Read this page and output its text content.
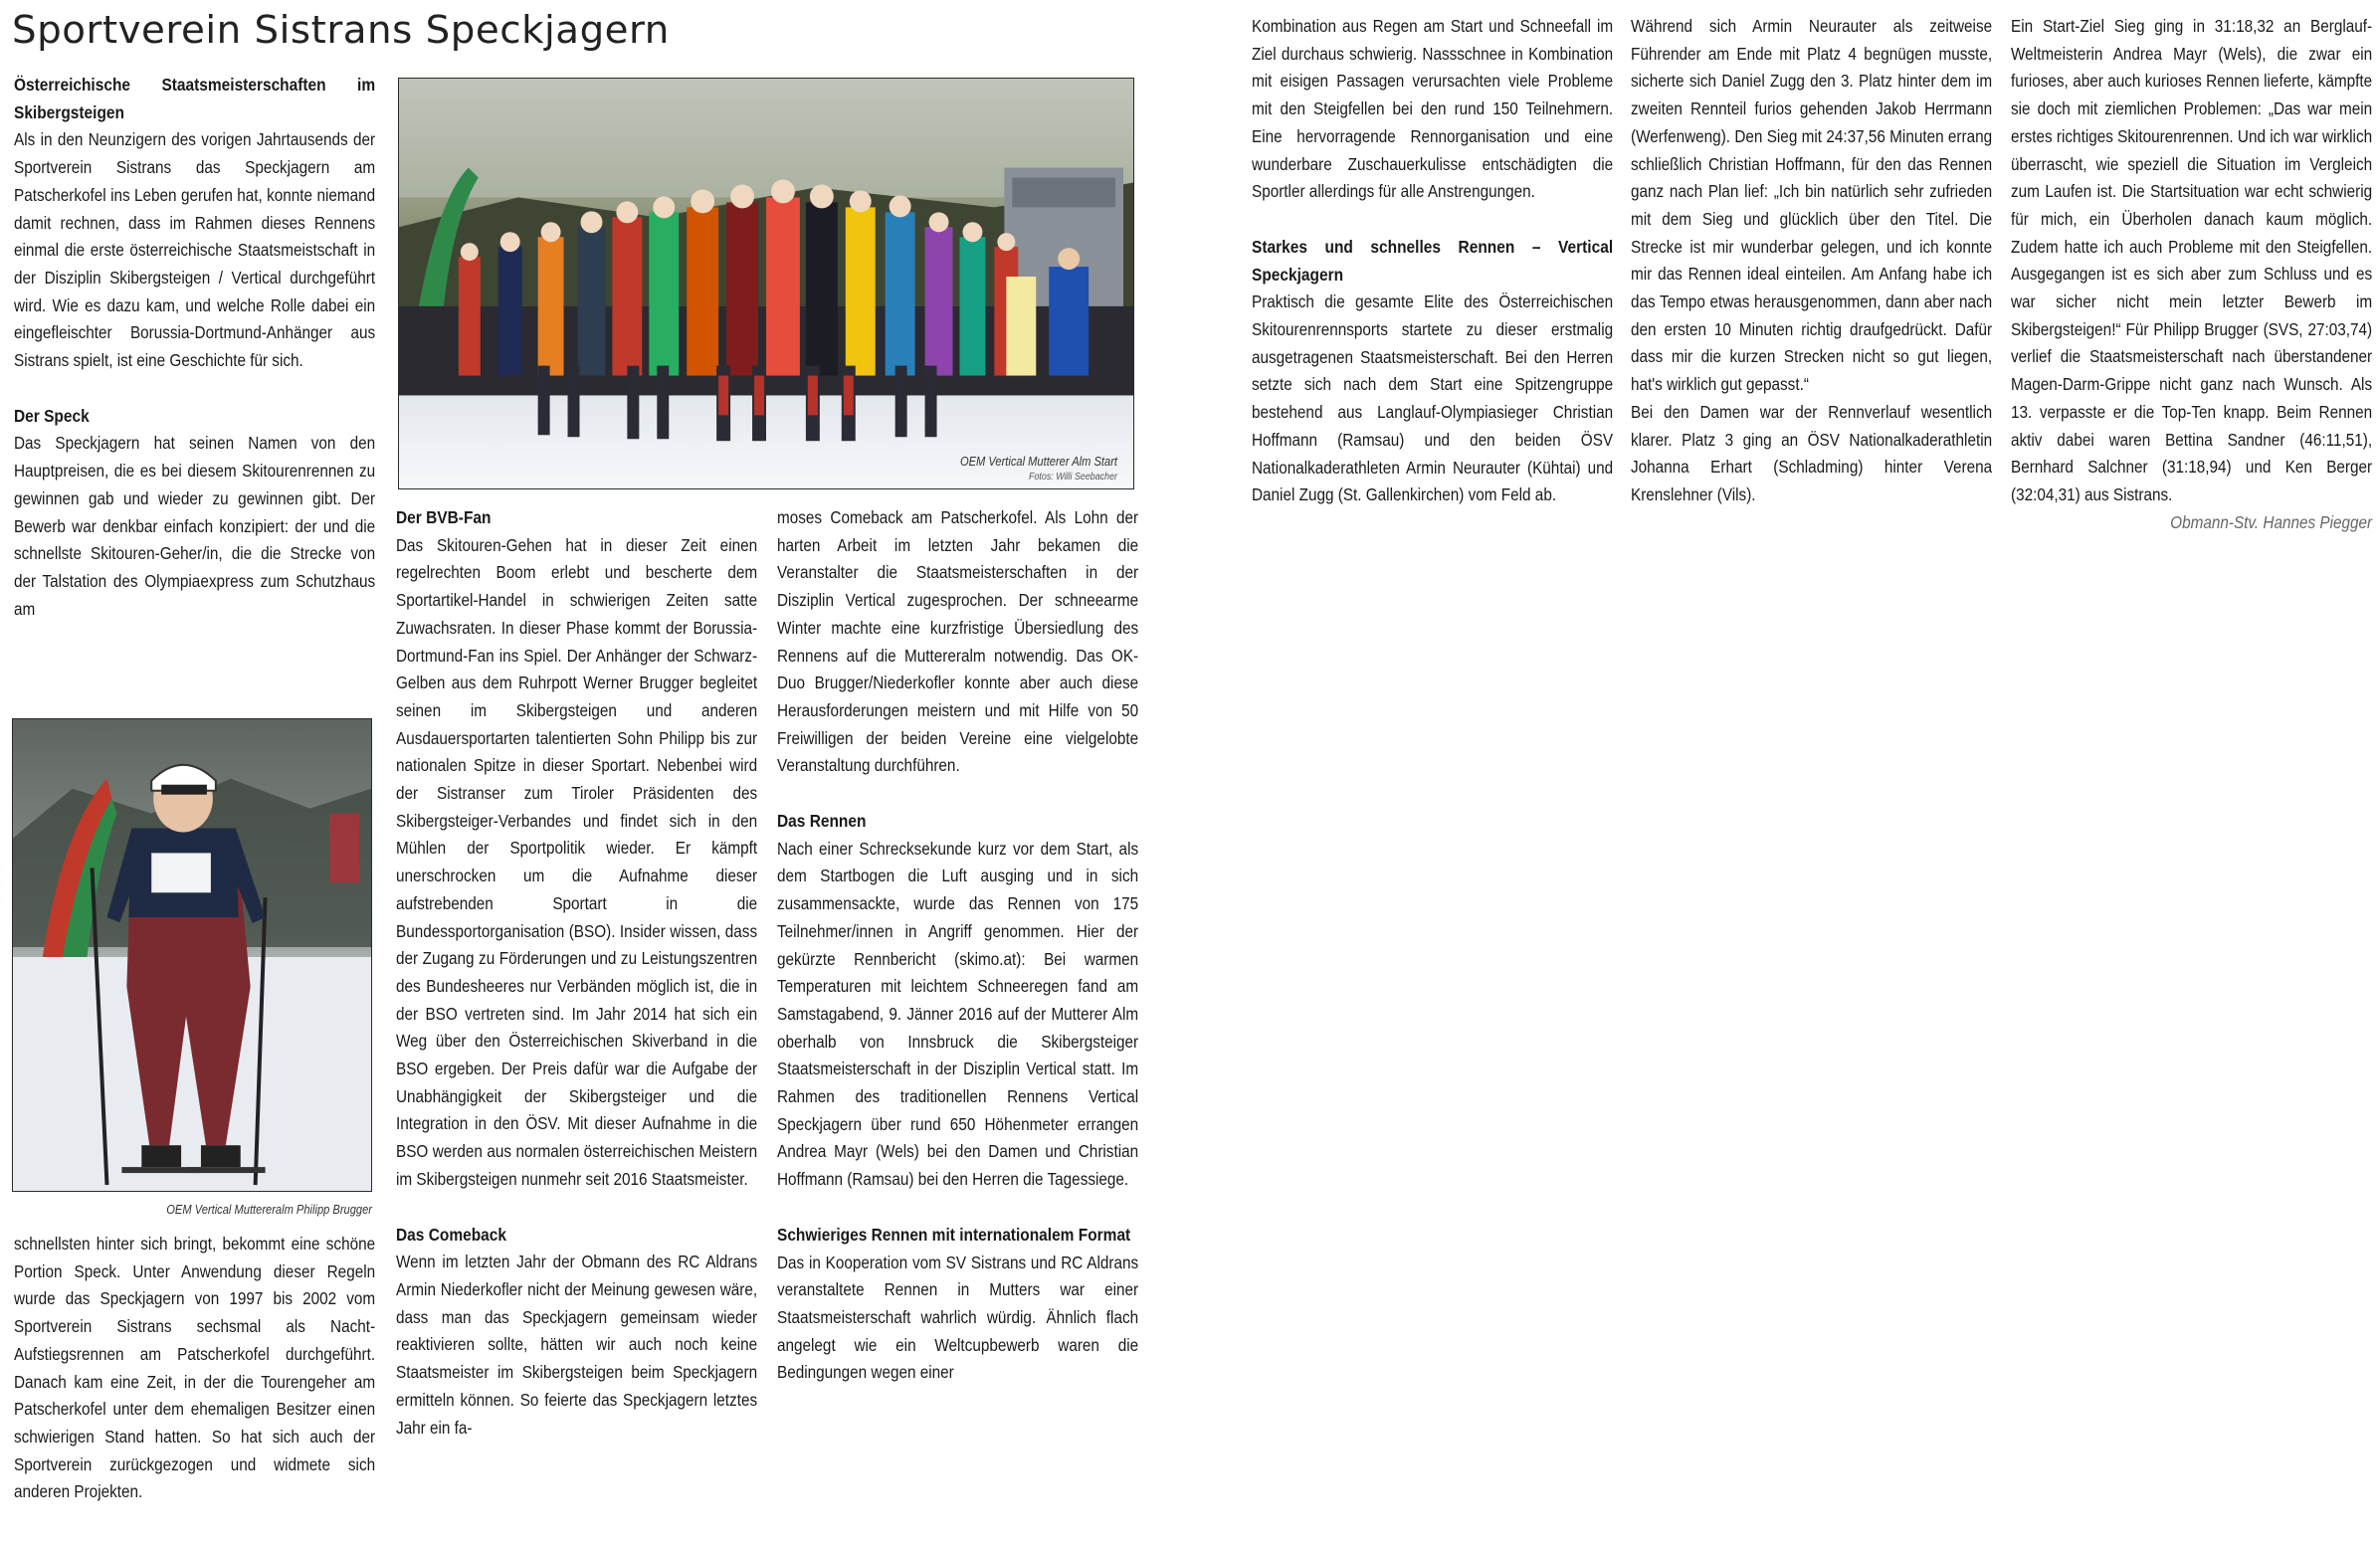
Sportverein Sistrans Speckjagern
Österreichische Staatsmeisterschaften im Skibergsteigen

Als in den Neunzigern des vorigen Jahrtausends der Sportverein Sistrans das Speckjagern am Patscherkofel ins Leben gerufen hat, konnte niemand damit rechnen, dass im Rahmen dieses Rennens einmal die erste österreichische Staatsmeistschaft in der Disziplin Skibergsteigen / Vertical durchgeführt wird. Wie es dazu kam, und welche Rolle dabei ein eingefleischter Borussia-Dortmund-Anhänger aus Sistrans spielt, ist eine Geschichte für sich.

Der Speck

Das Speckjagern hat seinen Namen von den Hauptpreisen, die es bei diesem Skitourenrennen zu gewinnen gab und wieder zu gewinnen gibt. Der Bewerb war denkbar einfach konzipiert: der und die schnellste Skitouren-Geher/in, die die Strecke von der Talstation des Olympiaexpress zum Schutzhaus am

OEM Vertical Mutterer Alm Start
Fotos: Willi Seebacher
OEM Vertical Muttereralm Philipp Brugger

schnellsten hinter sich bringt, bekommt eine schöne Portion Speck. Unter Anwendung dieser Regeln wurde das Speckjagern von 1997 bis 2002 vom Sportverein Sistrans sechsmal als Nacht-Aufstiegsrennen am Patscherkofel durchgeführt. Danach kam eine Zeit, in der die Tourengeher am Patscherkofel unter dem ehemaligen Besitzer einen schwierigen Stand hatten. So hat sich auch der Sportverein zurückgezogen und widmete sich anderen Projekten.

Der BVB-Fan

Das Skitouren-Gehen hat in dieser Zeit einen regelrechten Boom erlebt und bescherte dem Sportartikel-Handel in schwierigen Zeiten satte Zuwachsraten. In dieser Phase kommt der Borussia-Dortmund-Fan ins Spiel. Der Anhänger der Schwarz-Gelben aus dem Ruhrpott Werner Brugger begleitet seinen im Skibergsteigen und anderen Ausdauersportarten talentierten Sohn Philipp bis zur nationalen Spitze in dieser Sportart. Nebenbei wird der Sistranser zum Tiroler Präsidenten des Skibergsteiger-Verbandes und findet sich in den Mühlen der Sportpolitik wieder. Er kämpft unerschrocken um die Aufnahme dieser aufstrebenden Sportart in die Bundessportorganisation (BSO). Insider wissen, dass der Zugang zu Förderungen und zu Leistungszentren des Bundesheeres nur Verbänden möglich ist, die in der BSO vertreten sind. Im Jahr 2014 hat sich ein Weg über den Österreichischen Skiverband in die BSO ergeben. Der Preis dafür war die Aufgabe der Unabhängigkeit der Skibergsteiger und die Integration in den ÖSV. Mit dieser Aufnahme in die BSO werden aus normalen österreichischen Meistern im Skibergsteigen nunmehr seit 2016 Staatsmeister.

Das Comeback

Wenn im letzten Jahr der Obmann des RC Aldrans Armin Niederkofler nicht der Meinung gewesen wäre, dass man das Speckjagern gemeinsam wieder reaktivieren sollte, hätten wir auch noch keine Staatsmeister im Skibergsteigen beim Speckjagern ermitteln können. So feierte das Speckjagern letztes Jahr ein fa-

moses Comeback am Patscherkofel. Als Lohn der harten Arbeit im letzten Jahr bekamen die Veranstalter die Staatsmeisterschaften in der Disziplin Vertical zugesprochen. Der schneearme Winter machte eine kurzfristige Übersiedlung des Rennens auf die Muttereralm notwendig. Das OK-Duo Brugger/Niederkofler konnte aber auch diese Herausforderungen meistern und mit Hilfe von 50 Freiwilligen der beiden Vereine eine vielgelobte Veranstaltung durchführen.

Das Rennen

Nach einer Schrecksekunde kurz vor dem Start, als dem Startbogen die Luft ausging und in sich zusammensackte, wurde das Rennen von 175 Teilnehmer/innen in Angriff genommen. Hier der gekürzte Rennbericht (skimo.at): Bei warmen Temperaturen mit leichtem Schneeregen fand am Samstagabend, 9. Jänner 2016 auf der Mutterer Alm oberhalb von Innsbruck die Skibergsteiger Staatsmeisterschaft in der Disziplin Vertical statt. Im Rahmen des traditionellen Rennens Vertical Speckjagern über rund 650 Höhenmeter errangen Andrea Mayr (Wels) bei den Damen und Christian Hoffmann (Ramsau) bei den Herren die Tagessiege.

Schwieriges Rennen mit internationalem Format

Das in Kooperation vom SV Sistrans und RC Aldrans veranstaltete Rennen in Mutters war einer Staatsmeisterschaft wahrlich würdig. Ähnlich flach angelegt wie ein Weltcupbewerb waren die Bedingungen wegen einer

Kombination aus Regen am Start und Schneefall im Ziel durchaus schwierig. Nassschnee in Kombination mit eisigen Passagen verursachten viele Probleme mit den Steigfellen bei den rund 150 Teilnehmern. Eine hervorragende Rennorganisation und eine wunderbare Zuschauerkulisse entschädigten die Sportler allerdings für alle Anstrengungen.

Starkes und schnelles Rennen – Vertical Speckjagern

Praktisch die gesamte Elite des Österreichischen Skitourenrennsports startete zu dieser erstmalig ausgetragenen Staatsmeisterschaft. Bei den Herren setzte sich nach dem Start eine Spitzengruppe bestehend aus Langlauf-Olympiasieger Christian Hoffmann (Ramsau) und den beiden ÖSV Nationalkaderathleten Armin Neurauter (Kühtai) und Daniel Zugg (St. Gallenkirchen) vom Feld ab.

Während sich Armin Neurauter als zeitweise Führender am Ende mit Platz 4 begnügen musste, sicherte sich Daniel Zugg den 3. Platz hinter dem im zweiten Rennteil furios gehenden Jakob Herrmann (Werfenweng). Den Sieg mit 24:37,56 Minuten errang schließlich Christian Hoffmann, für den das Rennen ganz nach Plan lief: „Ich bin natürlich sehr zufrieden mit dem Sieg und glücklich über den Titel. Die Strecke ist mir wunderbar gelegen, und ich konnte mir das Rennen ideal einteilen. Am Anfang habe ich das Tempo etwas herausgenommen, dann aber nach den ersten 10 Minuten richtig draufgedrückt. Dafür dass mir die kurzen Strecken nicht so gut liegen, hat's wirklich gut gepasst.“

Bei den Damen war der Rennverlauf wesentlich klarer. Platz 3 ging an ÖSV Nationalkaderathletin Johanna Erhart (Schladming) hinter Verena Krenslehner (Vils).

Ein Start-Ziel Sieg ging in 31:18,32 an Berglauf-Weltmeisterin Andrea Mayr (Wels), die zwar ein furioses, aber auch kurioses Rennen lieferte, kämpfte sie doch mit ziemlichen Problemen: „Das war mein erstes richtiges Skitourenrennen. Und ich war wirklich überrascht, wie speziell die Situation im Vergleich zum Laufen ist. Die Startsituation war echt schwierig für mich, ein Überholen danach kaum möglich. Zudem hatte ich auch Probleme mit den Steigfellen. Ausgegangen ist es sich aber zum Schluss und es war sicher nicht mein letzter Bewerb im Skibergsteigen!“ Für Philipp Brugger (SVS, 27:03,74) verlief die Staatsmeisterschaft nach überstandener Magen-Darm-Grippe nicht ganz nach Wunsch. Als 13. verpasste er die Top-Ten knapp. Beim Rennen aktiv dabei waren Bettina Sandner (46:11,51), Bernhard Salchner (31:18,94) und Ken Berger (32:04,31) aus Sistrans.

Obmann-Stv. Hannes Piegger
